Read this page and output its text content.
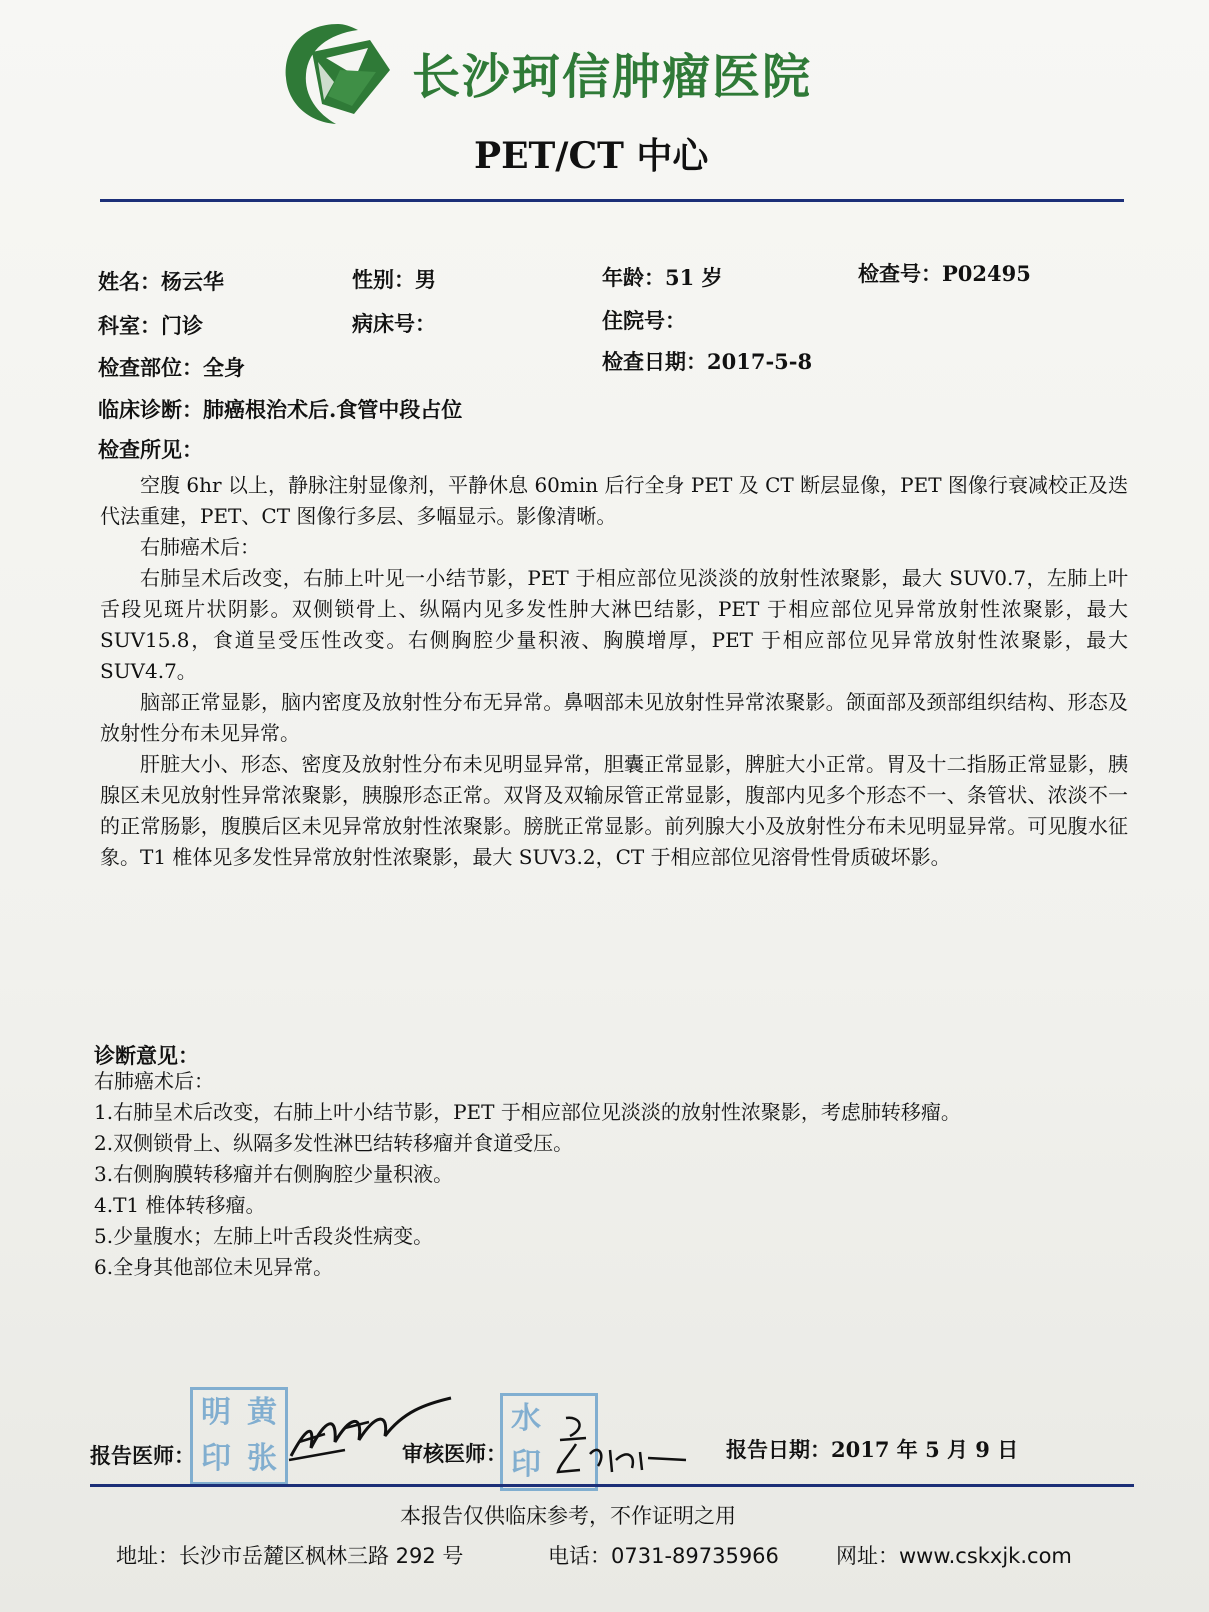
长沙珂信肿瘤医院
PET/CT 中心
姓名：杨云华	性别：男	年龄：51 岁	检查号：P02495
科室：门诊	病床号：	住院号：
检查部位：全身	检查日期：2017-5-8
临床诊断：肺癌根治术后.食管中段占位
检查所见：

空腹 6hr 以上，静脉注射显像剂，平静休息 60min 后行全身 PET 及 CT 断层显像，PET 图像行衰减校正及迭代法重建，PET、CT 图像行多层、多幅显示。影像清晰。

右肺癌术后：

右肺呈术后改变，右肺上叶见一小结节影，PET 于相应部位见淡淡的放射性浓聚影，最大 SUV0.7，左肺上叶舌段见斑片状阴影。双侧锁骨上、纵隔内见多发性肿大淋巴结影，PET 于相应部位见异常放射性浓聚影，最大 SUV15.8，食道呈受压性改变。右侧胸腔少量积液、胸膜增厚，PET 于相应部位见异常放射性浓聚影，最大 SUV4.7。

脑部正常显影，脑内密度及放射性分布无异常。鼻咽部未见放射性异常浓聚影。颌面部及颈部组织结构、形态及放射性分布未见异常。

肝脏大小、形态、密度及放射性分布未见明显异常，胆囊正常显影，脾脏大小正常。胃及十二指肠正常显影，胰腺区未见放射性异常浓聚影，胰腺形态正常。双肾及双输尿管正常显影，腹部内见多个形态不一、条管状、浓淡不一的正常肠影，腹膜后区未见异常放射性浓聚影。膀胱正常显影。前列腺大小及放射性分布未见明显异常。可见腹水征象。T1 椎体见多发性异常放射性浓聚影，最大 SUV3.2，CT 于相应部位见溶骨性骨质破坏影。

诊断意见：

右肺癌术后：

1.右肺呈术后改变，右肺上叶小结节影，PET 于相应部位见淡淡的放射性浓聚影，考虑肺转移瘤。

2.双侧锁骨上、纵隔多发性淋巴结转移瘤并食道受压。

3.右侧胸膜转移瘤并右侧胸腔少量积液。

4.T1 椎体转移瘤。

5.少量腹水；左肺上叶舌段炎性病变。

6.全身其他部位未见异常。

明 黄
印 张
水
印
报告医师：	审核医师：	报告日期：2017 年 5 月 9 日
本报告仅供临床参考，不作证明之用
地址：长沙市岳麓区枫林三路 292 号	电话：0731-89735966	网址：www.cskxjk.com
